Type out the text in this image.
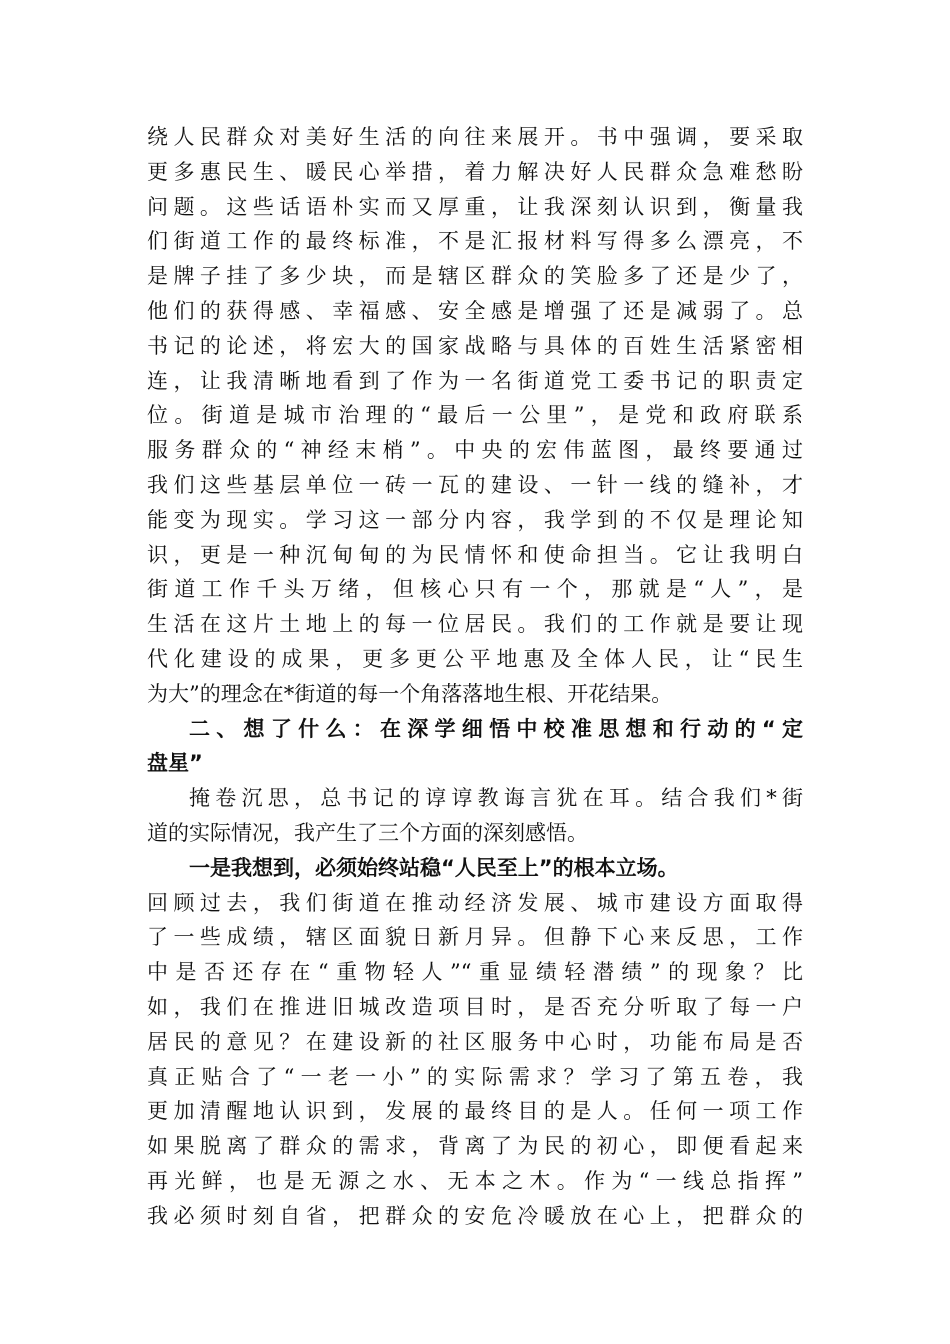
绕人民群众对美好生活的向往来展开。书中强调，要采取
更多惠民生、暖民心举措，着力解决好人民群众急难愁盼
问题。这些话语朴实而又厚重，让我深刻认识到，衡量我
们街道工作的最终标准，不是汇报材料写得多么漂亮，不
是牌子挂了多少块，而是辖区群众的笑脸多了还是少了，
他们的获得感、幸福感、安全感是增强了还是减弱了。总
书记的论述，将宏大的国家战略与具体的百姓生活紧密相
连，让我清晰地看到了作为一名街道党工委书记的职责定
位。街道是城市治理的“最后一公里”，是党和政府联系
服务群众的“神经末梢”。中央的宏伟蓝图，最终要通过
我们这些基层单位一砖一瓦的建设、一针一线的缝补，才
能变为现实。学习这一部分内容，我学到的不仅是理论知
识，更是一种沉甸甸的为民情怀和使命担当。它让我明白
街道工作千头万绪，但核心只有一个，那就是“人”，是
生活在这片土地上的每一位居民。我们的工作就是要让现
代化建设的成果，更多更公平地惠及全体人民，让“民生
为大”的理念在*街道的每一个角落落地生根、开花结果。
二、想了什么：在深学细悟中校准思想和行动的“定
盘星”
掩卷沉思，总书记的谆谆教诲言犹在耳。结合我们*街
道的实际情况，我产生了三个方面的深刻感悟。
一是我想到，必须始终站稳“人民至上”的根本立场。
回顾过去，我们街道在推动经济发展、城市建设方面取得
了一些成绩，辖区面貌日新月异。但静下心来反思，工作
中是否还存在“重物轻人”“重显绩轻潜绩”的现象？比
如，我们在推进旧城改造项目时，是否充分听取了每一户
居民的意见？在建设新的社区服务中心时，功能布局是否
真正贴合了“一老一小”的实际需求？学习了第五卷，我
更加清醒地认识到，发展的最终目的是人。任何一项工作
如果脱离了群众的需求，背离了为民的初心，即便看起来
再光鲜，也是无源之水、无本之木。作为“一线总指挥”
我必须时刻自省，把群众的安危冷暖放在心上，把群众的
